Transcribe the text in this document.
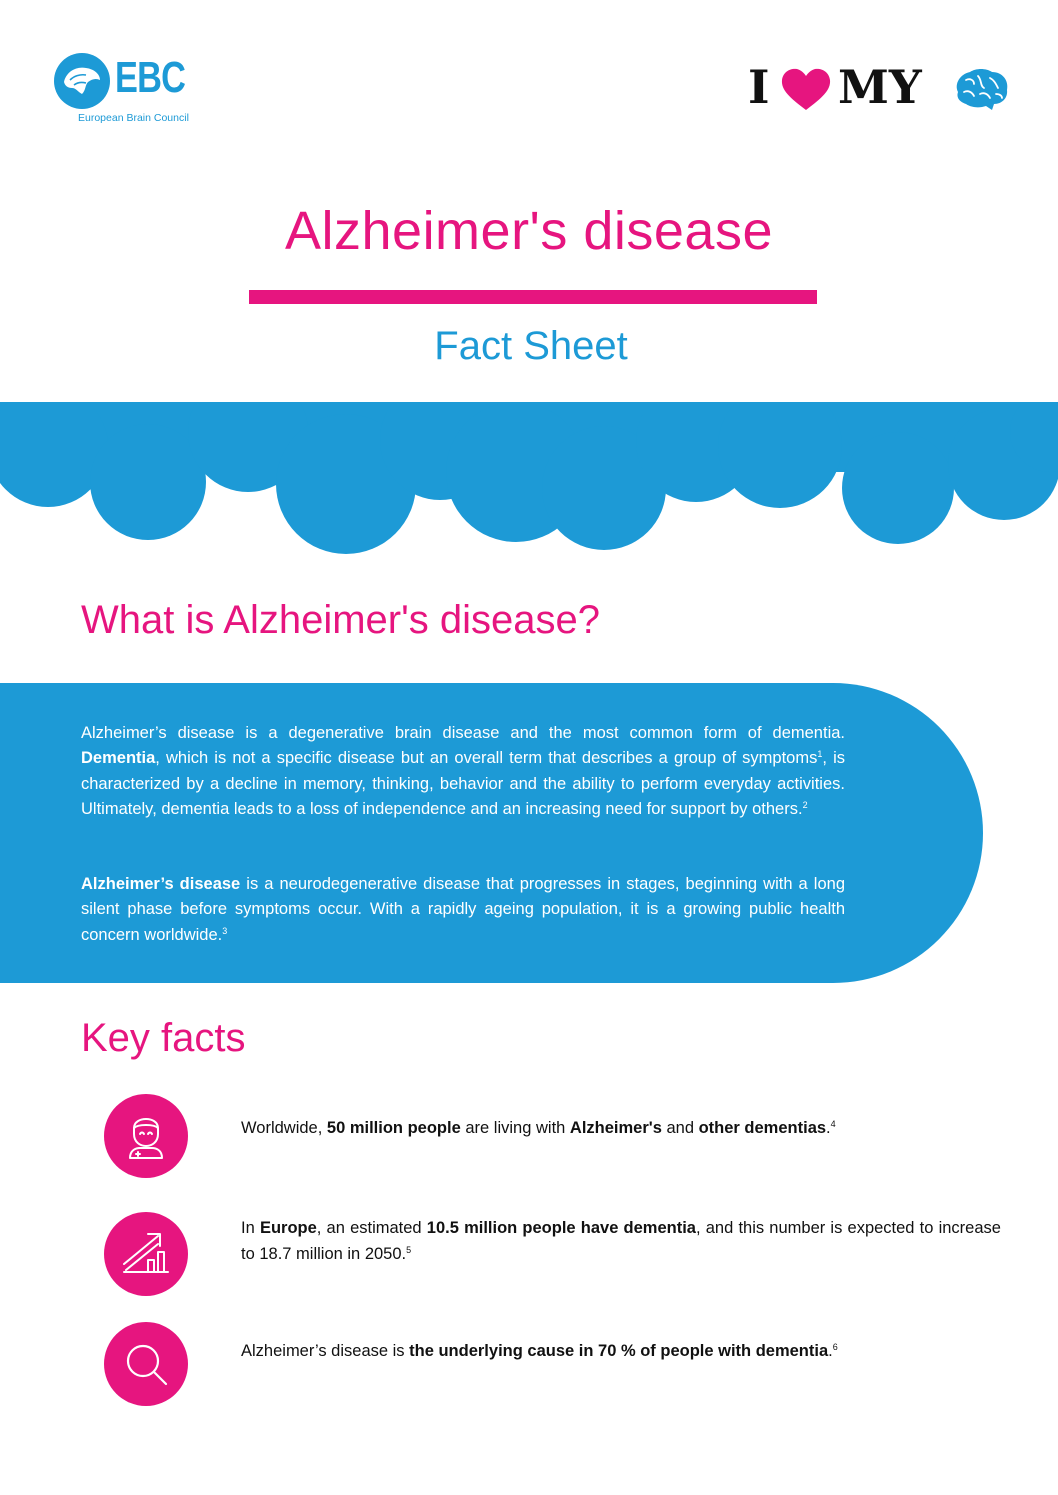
EBC
European Brain Council
I MY
Alzheimer's disease
Fact Sheet
What is Alzheimer's disease?

Alzheimer’s disease is a degenerative brain disease and the most common form of dementia. Dementia, which is not a specific disease but an overall term that describes a group of symptoms$^1$, is characterized by a decline in memory, thinking, behavior and the ability to perform everyday activities. Ultimately, dementia leads to a loss of independence and an increasing need for support by others.$^2$

Alzheimer’s disease is a neurodegenerative disease that progresses in stages, beginning with a long silent phase before symptoms occur. With a rapidly ageing population, it is a growing public health concern worldwide.$^3$

Key facts

Worldwide, 50 million people are living with Alzheimer's and other dementias.$^4$

In Europe, an estimated 10.5 million people have dementia, and this number is expected to increase to 18.7 million in 2050.$^5$

Alzheimer’s disease is the underlying cause in 70 % of people with dementia.$^6$
